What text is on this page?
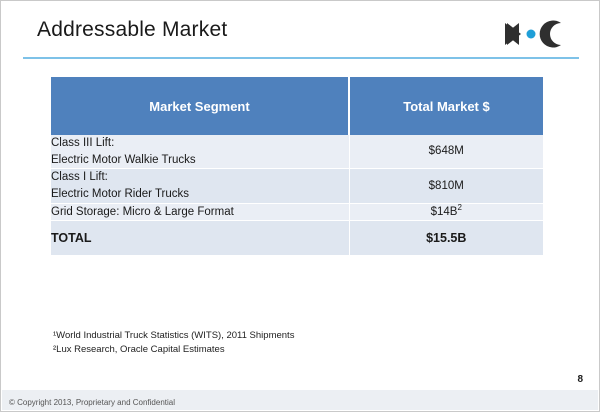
Addressable Market
Market Segment	Total Market $
Class III Lift:
Electric Motor Walkie Trucks	$648M
Class I Lift:
Electric Motor Rider Trucks	$810M
Grid Storage: Micro & Large Format	$\$14B^2$
TOTAL	$15.5B
¹World Industrial Truck Statistics (WITS), 2011 Shipments
²Lux Research, Oracle Capital Estimates
8
© Copyright 2013, Proprietary and Confidential
